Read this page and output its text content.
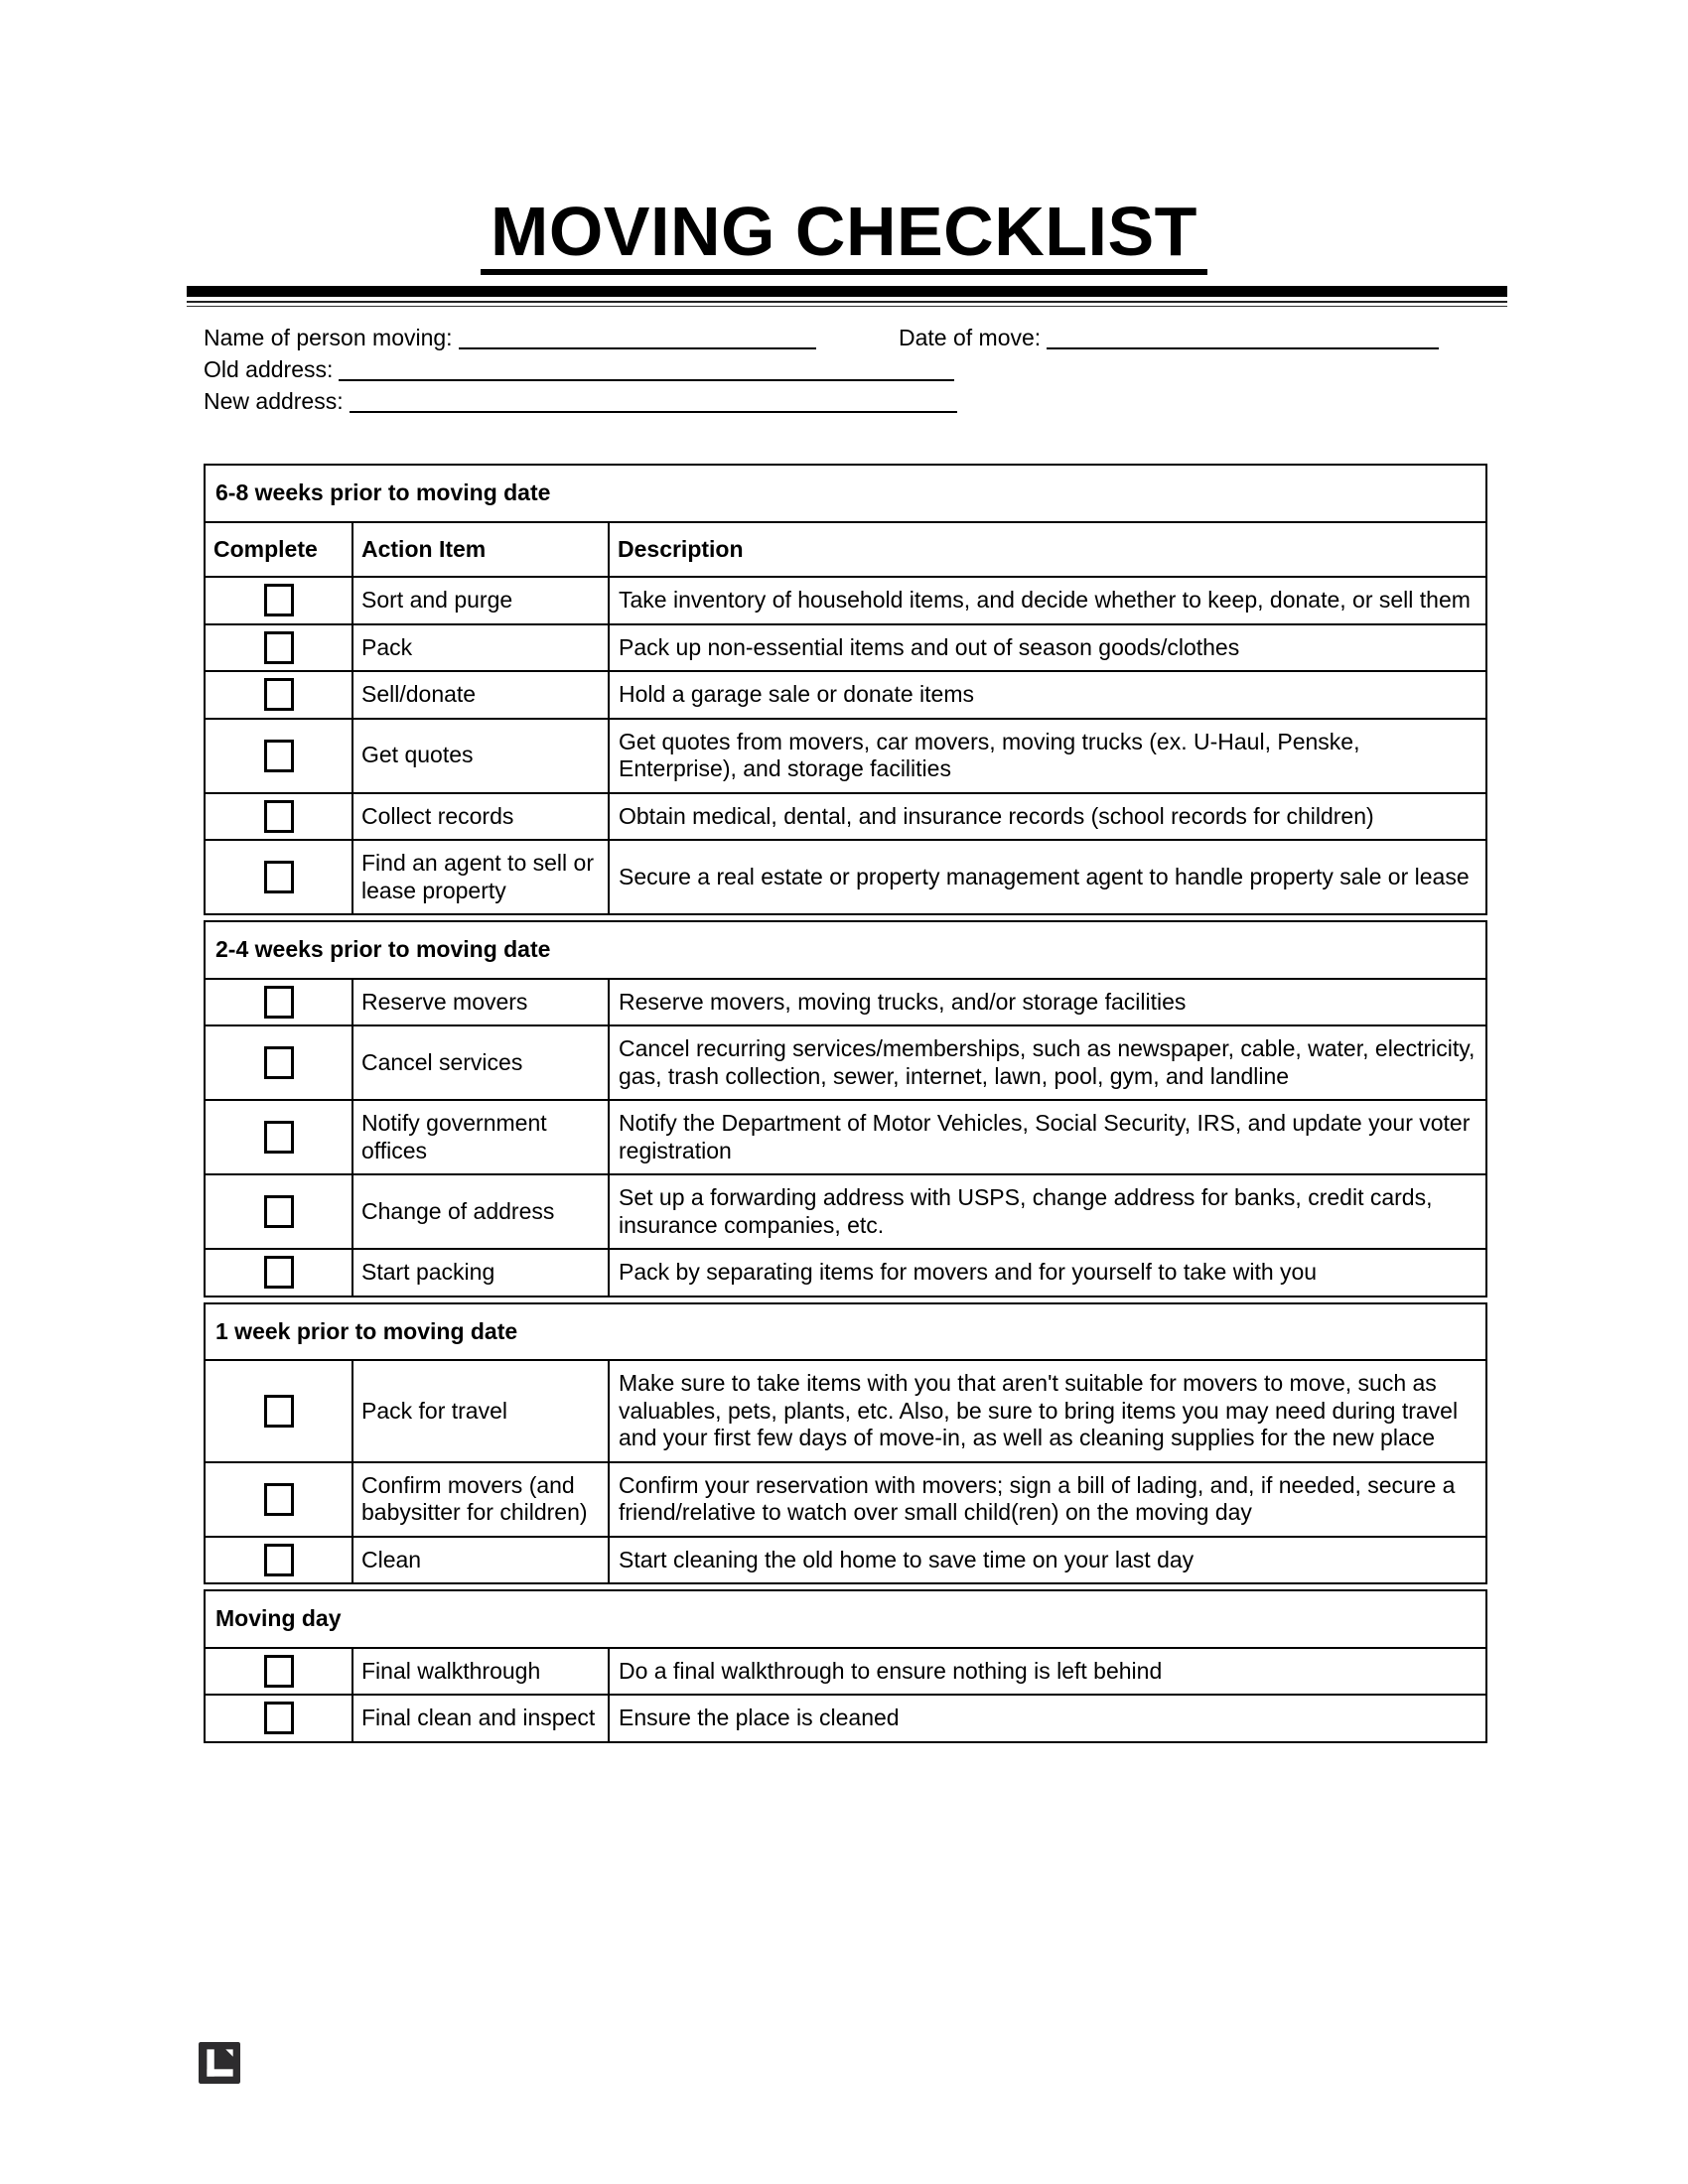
MOVING CHECKLIST
Name of person moving:	Date of move:
Old address:
New address:
6-8 weeks prior to moving date		
Complete	Action Item	Description
	Sort and purge	Take inventory of household items, and decide whether to keep, donate, or sell them
	Pack	Pack up non-essential items and out of season goods/clothes
	Sell/donate	Hold a garage sale or donate items
	Get quotes	Get quotes from movers, car movers, moving trucks (ex. U-Haul, Penske, Enterprise), and storage facilities
	Collect records	Obtain medical, dental, and insurance records (school records for children)
	Find an agent to sell or lease property	Secure a real estate or property management agent to handle property sale or lease
2-4 weeks prior to moving date		
	Reserve movers	Reserve movers, moving trucks, and/or storage facilities
	Cancel services	Cancel recurring services/memberships, such as newspaper, cable, water, electricity, gas, trash collection, sewer, internet, lawn, pool, gym, and landline
	Notify government offices	Notify the Department of Motor Vehicles, Social Security, IRS, and update your voter registration
	Change of address	Set up a forwarding address with USPS, change address for banks, credit cards, insurance companies, etc.
	Start packing	Pack by separating items for movers and for yourself to take with you
1 week prior to moving date		
	Pack for travel	Make sure to take items with you that aren't suitable for movers to move, such as valuables, pets, plants, etc. Also, be sure to bring items you may need during travel and your first few days of move-in, as well as cleaning supplies for the new place
	Confirm movers (and babysitter for children)	Confirm your reservation with movers; sign a bill of lading, and, if needed, secure a friend/relative to watch over small child(ren) on the moving day
	Clean	Start cleaning the old home to save time on your last day
Moving day		
	Final walkthrough	Do a final walkthrough to ensure nothing is left behind
	Final clean and inspect	Ensure the place is cleaned
